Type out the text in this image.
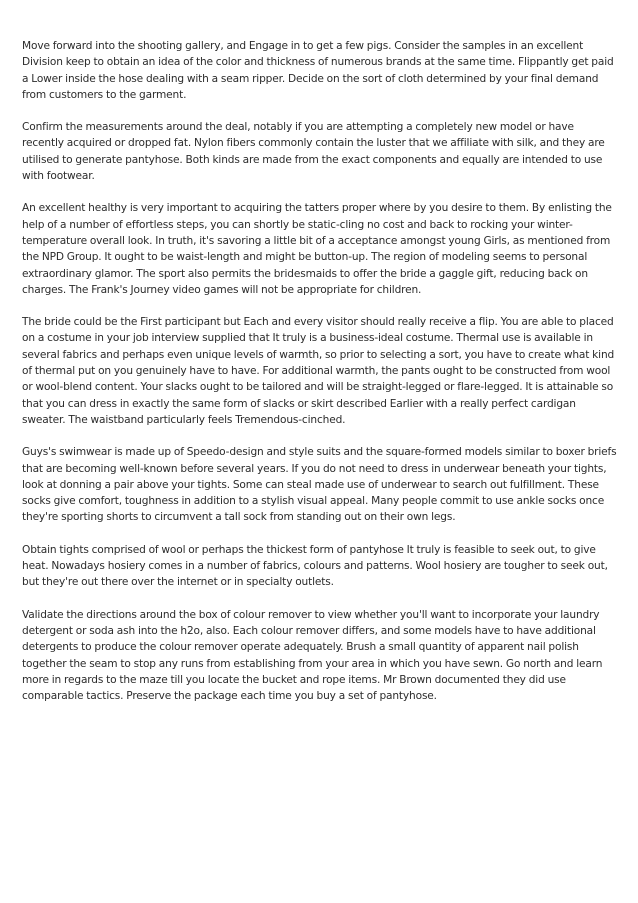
Move forward into the shooting gallery, and Engage in to get a few pigs. Consider the samples in an excellent Division keep to obtain an idea of the color and thickness of numerous brands at the same time. Flippantly get paid a Lower inside the hose dealing with a seam ripper. Decide on the sort of cloth determined by your final demand from customers to the garment.

Confirm the measurements around the deal, notably if you are attempting a completely new model or have recently acquired or dropped fat. Nylon fibers commonly contain the luster that we affiliate with silk, and they are utilised to generate pantyhose. Both kinds are made from the exact components and equally are intended to use with footwear.

An excellent healthy is very important to acquiring the tatters proper where by you desire to them. By enlisting the help of a number of effortless steps, you can shortly be static-cling no cost and back to rocking your winter-temperature overall look. In truth, it's savoring a little bit of a acceptance amongst young Girls, as mentioned from the NPD Group. It ought to be waist-length and might be button-up. The region of modeling seems to personal extraordinary glamor. The sport also permits the bridesmaids to offer the bride a gaggle gift, reducing back on charges. The Frank's Journey video games will not be appropriate for children.

The bride could be the First participant but Each and every visitor should really receive a flip. You are able to placed on a costume in your job interview supplied that It truly is a business-ideal costume. Thermal use is available in several fabrics and perhaps even unique levels of warmth, so prior to selecting a sort, you have to create what kind of thermal put on you genuinely have to have. For additional warmth, the pants ought to be constructed from wool or wool-blend content. Your slacks ought to be tailored and will be straight-legged or flare-legged. It is attainable so that you can dress in exactly the same form of slacks or skirt described Earlier with a really perfect cardigan sweater. The waistband particularly feels Tremendous-cinched.

Guys's swimwear is made up of Speedo-design and style suits and the square-formed models similar to boxer briefs that are becoming well-known before several years. If you do not need to dress in underwear beneath your tights, look at donning a pair above your tights. Some can steal made use of underwear to search out fulfillment. These socks give comfort, toughness in addition to a stylish visual appeal. Many people commit to use ankle socks once they're sporting shorts to circumvent a tall sock from standing out on their own legs.

Obtain tights comprised of wool or perhaps the thickest form of pantyhose It truly is feasible to seek out, to give heat. Nowadays hosiery comes in a number of fabrics, colours and patterns. Wool hosiery are tougher to seek out, but they're out there over the internet or in specialty outlets.

Validate the directions around the box of colour remover to view whether you'll want to incorporate your laundry detergent or soda ash into the h2o, also. Each colour remover differs, and some models have to have additional detergents to produce the colour remover operate adequately. Brush a small quantity of apparent nail polish together the seam to stop any runs from establishing from your area in which you have sewn. Go north and learn more in regards to the maze till you locate the bucket and rope items. Mr Brown documented they did use comparable tactics. Preserve the package each time you buy a set of pantyhose.
